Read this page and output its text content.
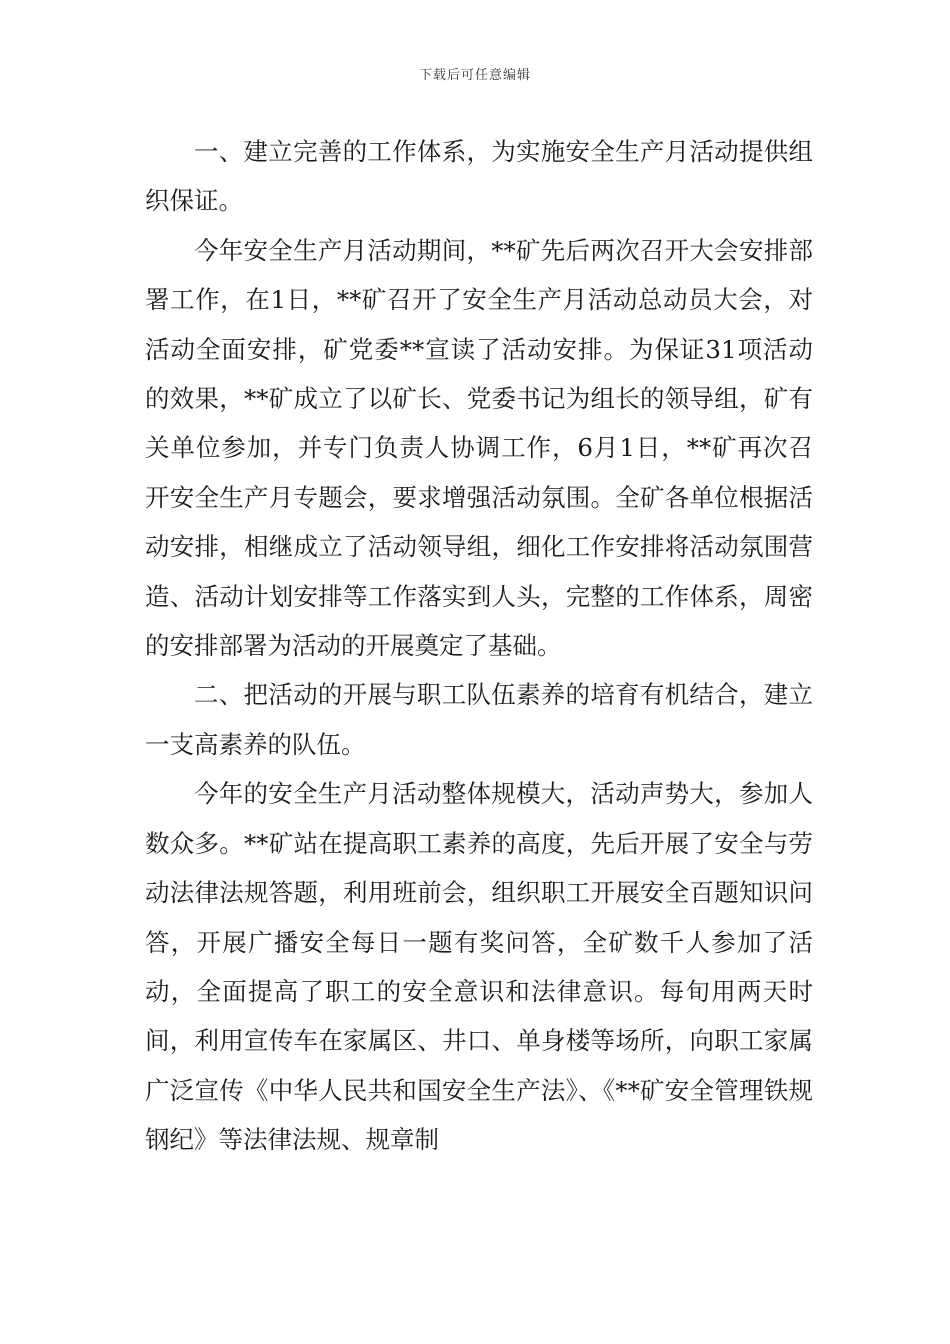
下载后可任意编辑

一、建立完善的工作体系，为实施安全生产月活动提供组织保证。

今年安全生产月活动期间，**矿先后两次召开大会安排部署工作，在1日，**矿召开了安全生产月活动总动员大会，对活动全面安排，矿党委**宣读了活动安排。为保证31项活动的效果，**矿成立了以矿长、党委书记为组长的领导组，矿有关单位参加，并专门负责人协调工作，6月1日，**矿再次召开安全生产月专题会，要求增强活动氛围。全矿各单位根据活动安排，相继成立了活动领导组，细化工作安排将活动氛围营造、活动计划安排等工作落实到人头，完整的工作体系，周密的安排部署为活动的开展奠定了基础。

二、把活动的开展与职工队伍素养的培育有机结合，建立一支高素养的队伍。

今年的安全生产月活动整体规模大，活动声势大，参加人数众多。**矿站在提高职工素养的高度，先后开展了安全与劳动法律法规答题，利用班前会，组织职工开展安全百题知识问答，开展广播安全每日一题有奖问答，全矿数千人参加了活动，全面提高了职工的安全意识和法律意识。每旬用两天时间，利用宣传车在家属区、井口、单身楼等场所，向职工家属广泛宣传《中华人民共和国安全生产法》、《**矿安全管理铁规钢纪》等法律法规、规章制
